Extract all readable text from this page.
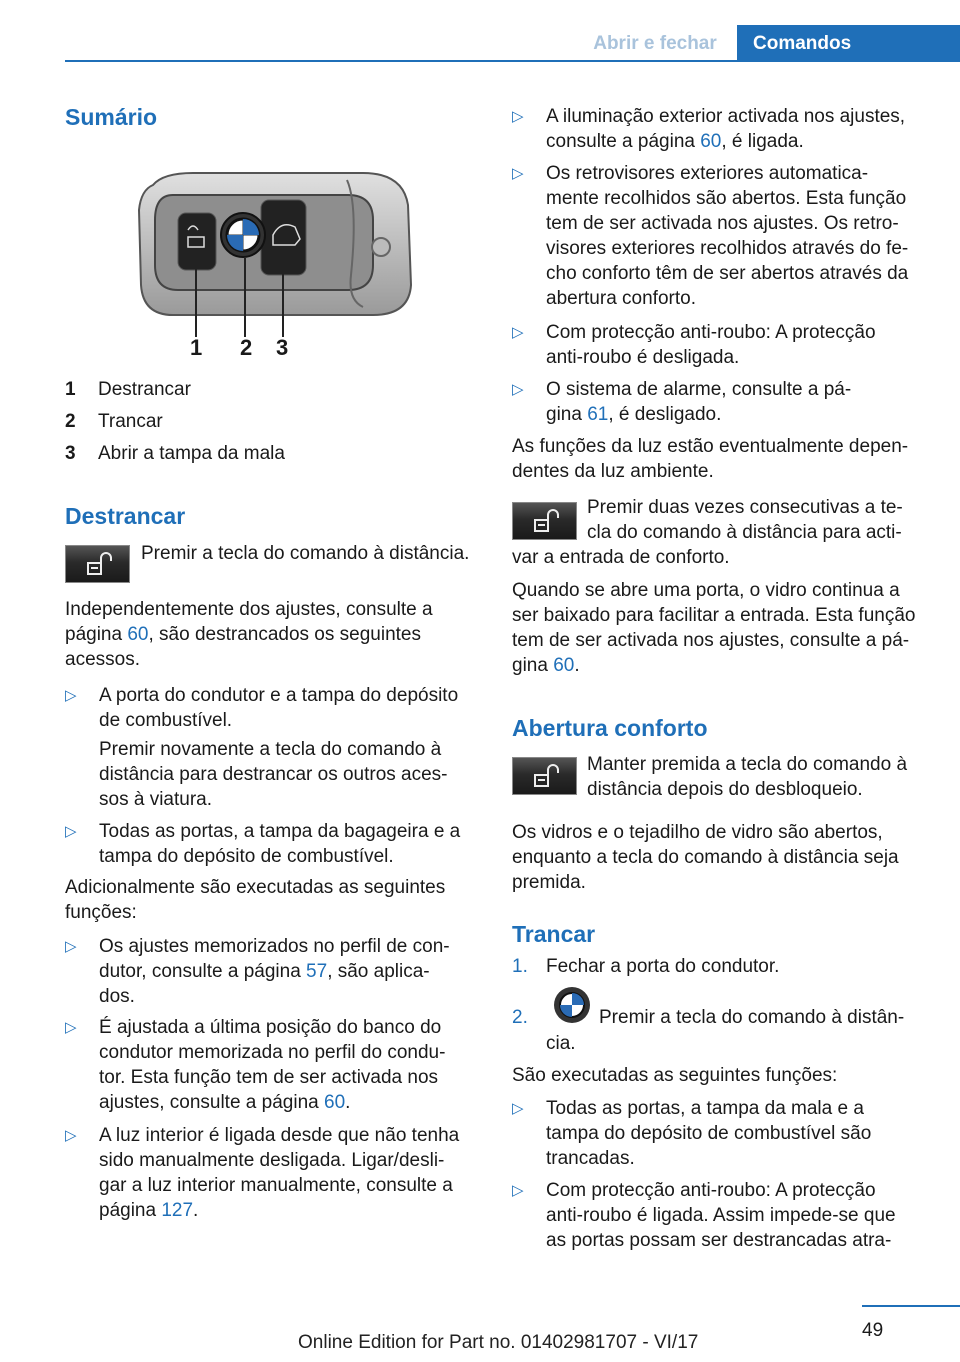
Abrir e fechar	Comandos
Sumário
1 2 3
1 Destrancar
2 Trancar
3 Abrir a tampa da mala
Destrancar
Premir a tecla do comando à distância.
Independentemente dos ajustes, consulte a
página 60, são destrancados os seguintes
acessos.
▷ A porta do condutor e a tampa do depósito
de combustível.
Premir novamente a tecla do comando à
distância para destrancar os outros aces-
sos à viatura.
▷ Todas as portas, a tampa da bagageira e a
tampa do depósito de combustível.
Adicionalmente são executadas as seguintes
funções:
▷ Os ajustes memorizados no perfil de con-
dutor, consulte a página 57, são aplica-
dos.
▷ É ajustada a última posição do banco do
condutor memorizada no perfil do condu-
tor. Esta função tem de ser activada nos
ajustes, consulte a página 60.
▷ A luz interior é ligada desde que não tenha
sido manualmente desligada. Ligar/desli-
gar a luz interior manualmente, consulte a
página 127.
▷ A iluminação exterior activada nos ajustes,
consulte a página 60, é ligada.
▷ Os retrovisores exteriores automatica-
mente recolhidos são abertos. Esta função
tem de ser activada nos ajustes. Os retro-
visores exteriores recolhidos através do fe-
cho conforto têm de ser abertos através da
abertura conforto.
▷ Com protecção anti-roubo: A protecção
anti-roubo é desligada.
▷ O sistema de alarme, consulte a pá-
gina 61, é desligado.
As funções da luz estão eventualmente depen-
dentes da luz ambiente.
Premir duas vezes consecutivas a te-
cla do comando à distância para acti-
var a entrada de conforto.
Quando se abre uma porta, o vidro continua a
ser baixado para facilitar a entrada. Esta função
tem de ser activada nos ajustes, consulte a pá-
gina 60.
Abertura conforto
Manter premida a tecla do comando à
distância depois do desbloqueio.
Os vidros e o tejadilho de vidro são abertos,
enquanto a tecla do comando à distância seja
premida.
Trancar
1. Fechar a porta do condutor.
2.	Premir a tecla do comando à distân-
cia.
São executadas as seguintes funções:
▷ Todas as portas, a tampa da mala e a
tampa do depósito de combustível são
trancadas.
▷ Com protecção anti-roubo: A protecção
anti-roubo é ligada. Assim impede-se que
as portas possam ser destrancadas atra-
49
Online Edition for Part no. 01402981707 - VI/17
